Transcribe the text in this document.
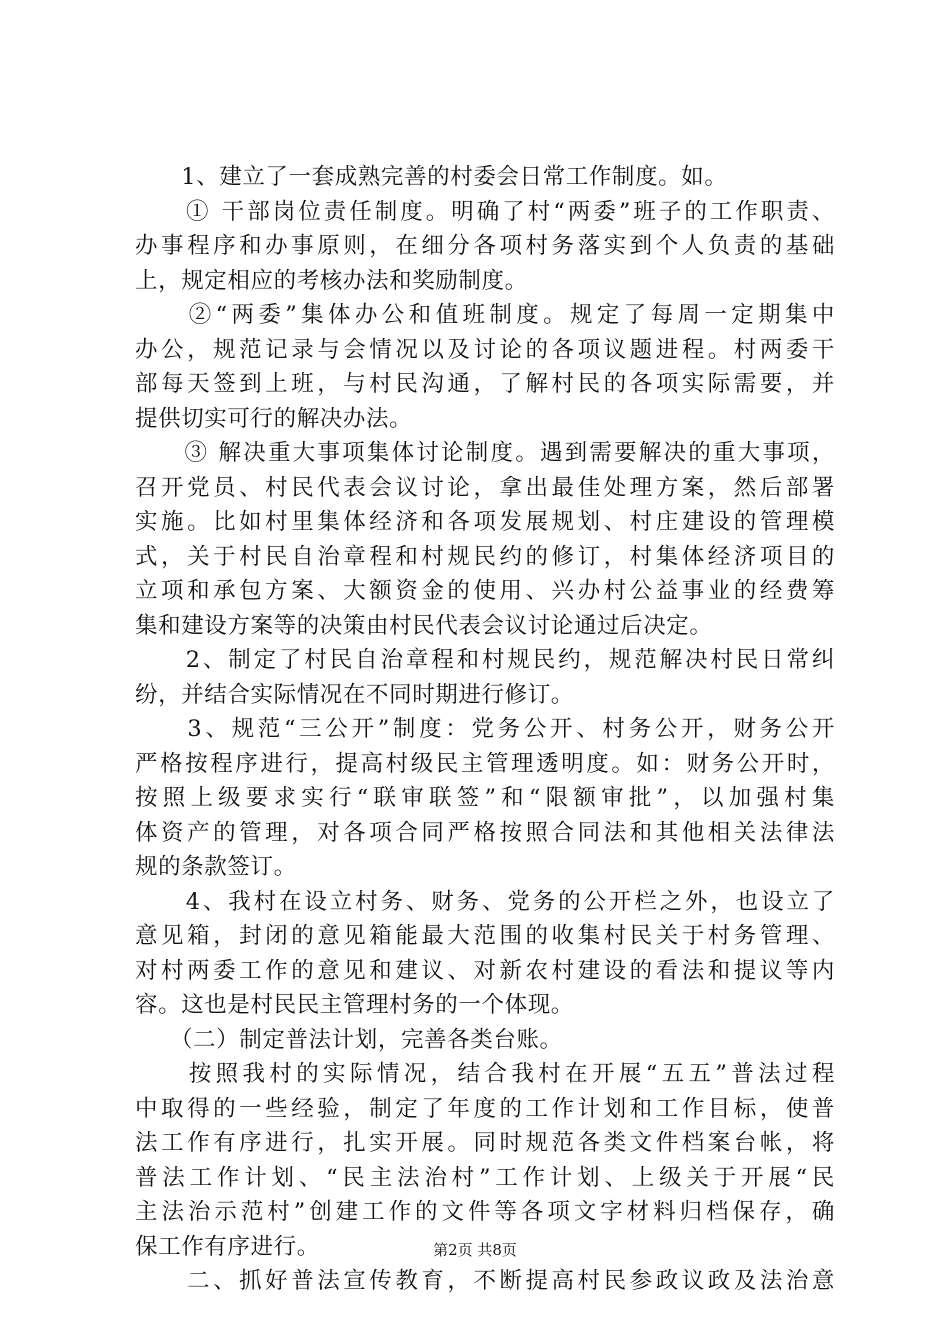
　　1、建立了一套成熟完善的村委会日常工作制度。如。
　　① 干部岗位责任制度。明确了村“两委”班子的工作职责、
办事程序和办事原则，在细分各项村务落实到个人负责的基础
上，规定相应的考核办法和奖励制度。
　　②“两委”集体办公和值班制度。规定了每周一定期集中
办公，规范记录与会情况以及讨论的各项议题进程。村两委干
部每天签到上班，与村民沟通，了解村民的各项实际需要，并
提供切实可行的解决办法。
　　③ 解决重大事项集体讨论制度。遇到需要解决的重大事项，
召开党员、村民代表会议讨论，拿出最佳处理方案，然后部署
实施。比如村里集体经济和各项发展规划、村庄建设的管理模
式，关于村民自治章程和村规民约的修订，村集体经济项目的
立项和承包方案、大额资金的使用、兴办村公益事业的经费筹
集和建设方案等的决策由村民代表会议讨论通过后决定。
　　2、制定了村民自治章程和村规民约，规范解决村民日常纠
纷，并结合实际情况在不同时期进行修订。
　　3、规范“三公开”制度：党务公开、村务公开，财务公开
严格按程序进行，提高村级民主管理透明度。如：财务公开时，
按照上级要求实行“联审联签”和“限额审批”，以加强村集
体资产的管理，对各项合同严格按照合同法和其他相关法律法
规的条款签订。
　　4、我村在设立村务、财务、党务的公开栏之外，也设立了
意见箱，封闭的意见箱能最大范围的收集村民关于村务管理、
对村两委工作的意见和建议、对新农村建设的看法和提议等内
容。这也是村民民主管理村务的一个体现。
　　（二）制定普法计划，完善各类台账。
　　按照我村的实际情况，结合我村在开展“五五”普法过程
中取得的一些经验，制定了年度的工作计划和工作目标，使普
法工作有序进行，扎实开展。同时规范各类文件档案台帐，将
普法工作计划、“民主法治村”工作计划、上级关于开展“民
主法治示范村”创建工作的文件等各项文字材料归档保存，确
保工作有序进行。
　　二、抓好普法宣传教育，不断提高村民参政议政及法治意
第2页 共8页
